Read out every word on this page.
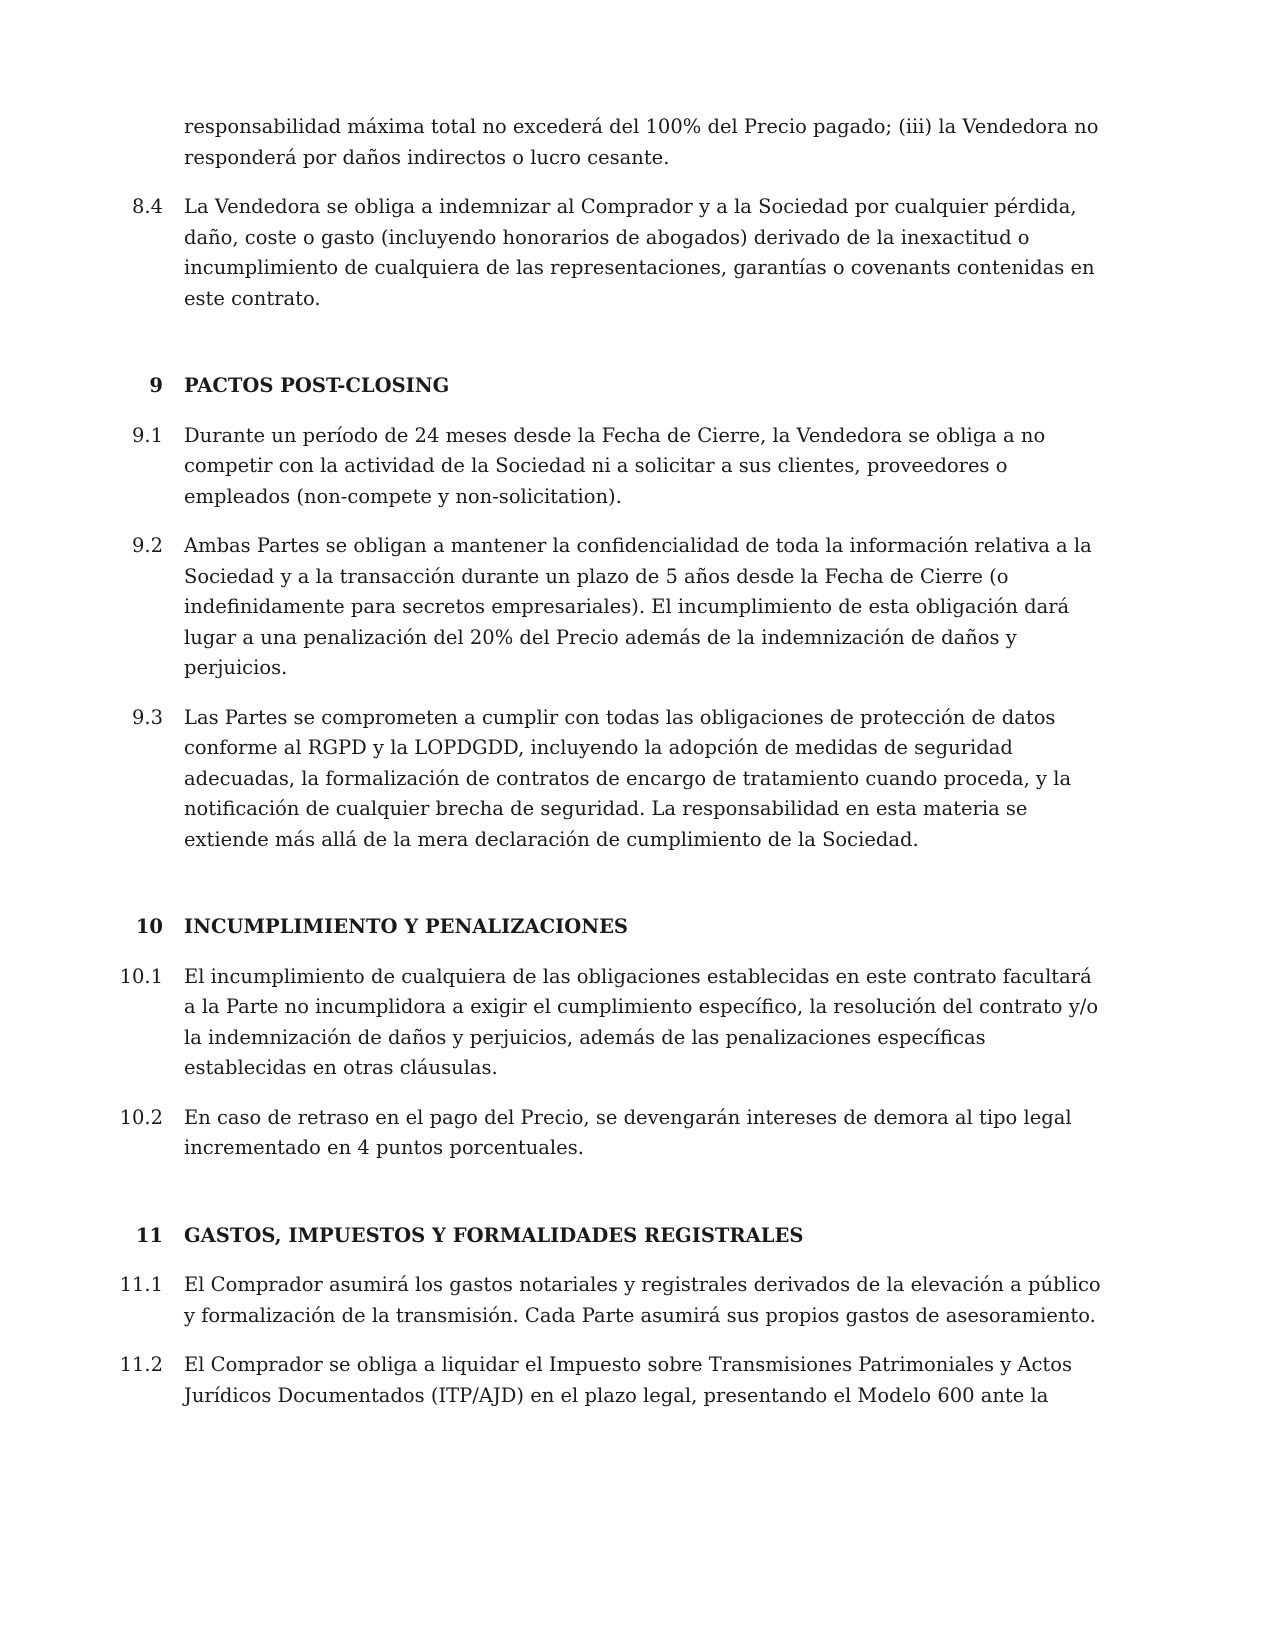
responsabilidad máxima total no excederá del 100% del Precio pagado; (iii) la Vendedora no responderá por daños indirectos o lucro cesante.
8.4	La Vendedora se obliga a indemnizar al Comprador y a la Sociedad por cualquier pérdida, daño, coste o gasto (incluyendo honorarios de abogados) derivado de la inexactitud o incumplimiento de cualquiera de las representaciones, garantías o covenants contenidas en este contrato.
9	PACTOS POST-CLOSING
9.1	Durante un período de 24 meses desde la Fecha de Cierre, la Vendedora se obliga a no competir con la actividad de la Sociedad ni a solicitar a sus clientes, proveedores o empleados (non-compete y non-solicitation).
9.2	Ambas Partes se obligan a mantener la confidencialidad de toda la información relativa a la Sociedad y a la transacción durante un plazo de 5 años desde la Fecha de Cierre (o indefinidamente para secretos empresariales). El incumplimiento de esta obligación dará lugar a una penalización del 20% del Precio además de la indemnización de daños y perjuicios.
9.3	Las Partes se comprometen a cumplir con todas las obligaciones de protección de datos conforme al RGPD y la LOPDGDD, incluyendo la adopción de medidas de seguridad adecuadas, la formalización de contratos de encargo de tratamiento cuando proceda, y la notificación de cualquier brecha de seguridad. La responsabilidad en esta materia se extiende más allá de la mera declaración de cumplimiento de la Sociedad.
10	INCUMPLIMIENTO Y PENALIZACIONES
10.1	El incumplimiento de cualquiera de las obligaciones establecidas en este contrato facultará a la Parte no incumplidora a exigir el cumplimiento específico, la resolución del contrato y/o la indemnización de daños y perjuicios, además de las penalizaciones específicas establecidas en otras cláusulas.
10.2	En caso de retraso en el pago del Precio, se devengarán intereses de demora al tipo legal incrementado en 4 puntos porcentuales.
11	GASTOS, IMPUESTOS Y FORMALIDADES REGISTRALES
11.1	El Comprador asumirá los gastos notariales y registrales derivados de la elevación a público y formalización de la transmisión. Cada Parte asumirá sus propios gastos de asesoramiento.
11.2	El Comprador se obliga a liquidar el Impuesto sobre Transmisiones Patrimoniales y Actos Jurídicos Documentados (ITP/AJD) en el plazo legal, presentando el Modelo 600 ante la
